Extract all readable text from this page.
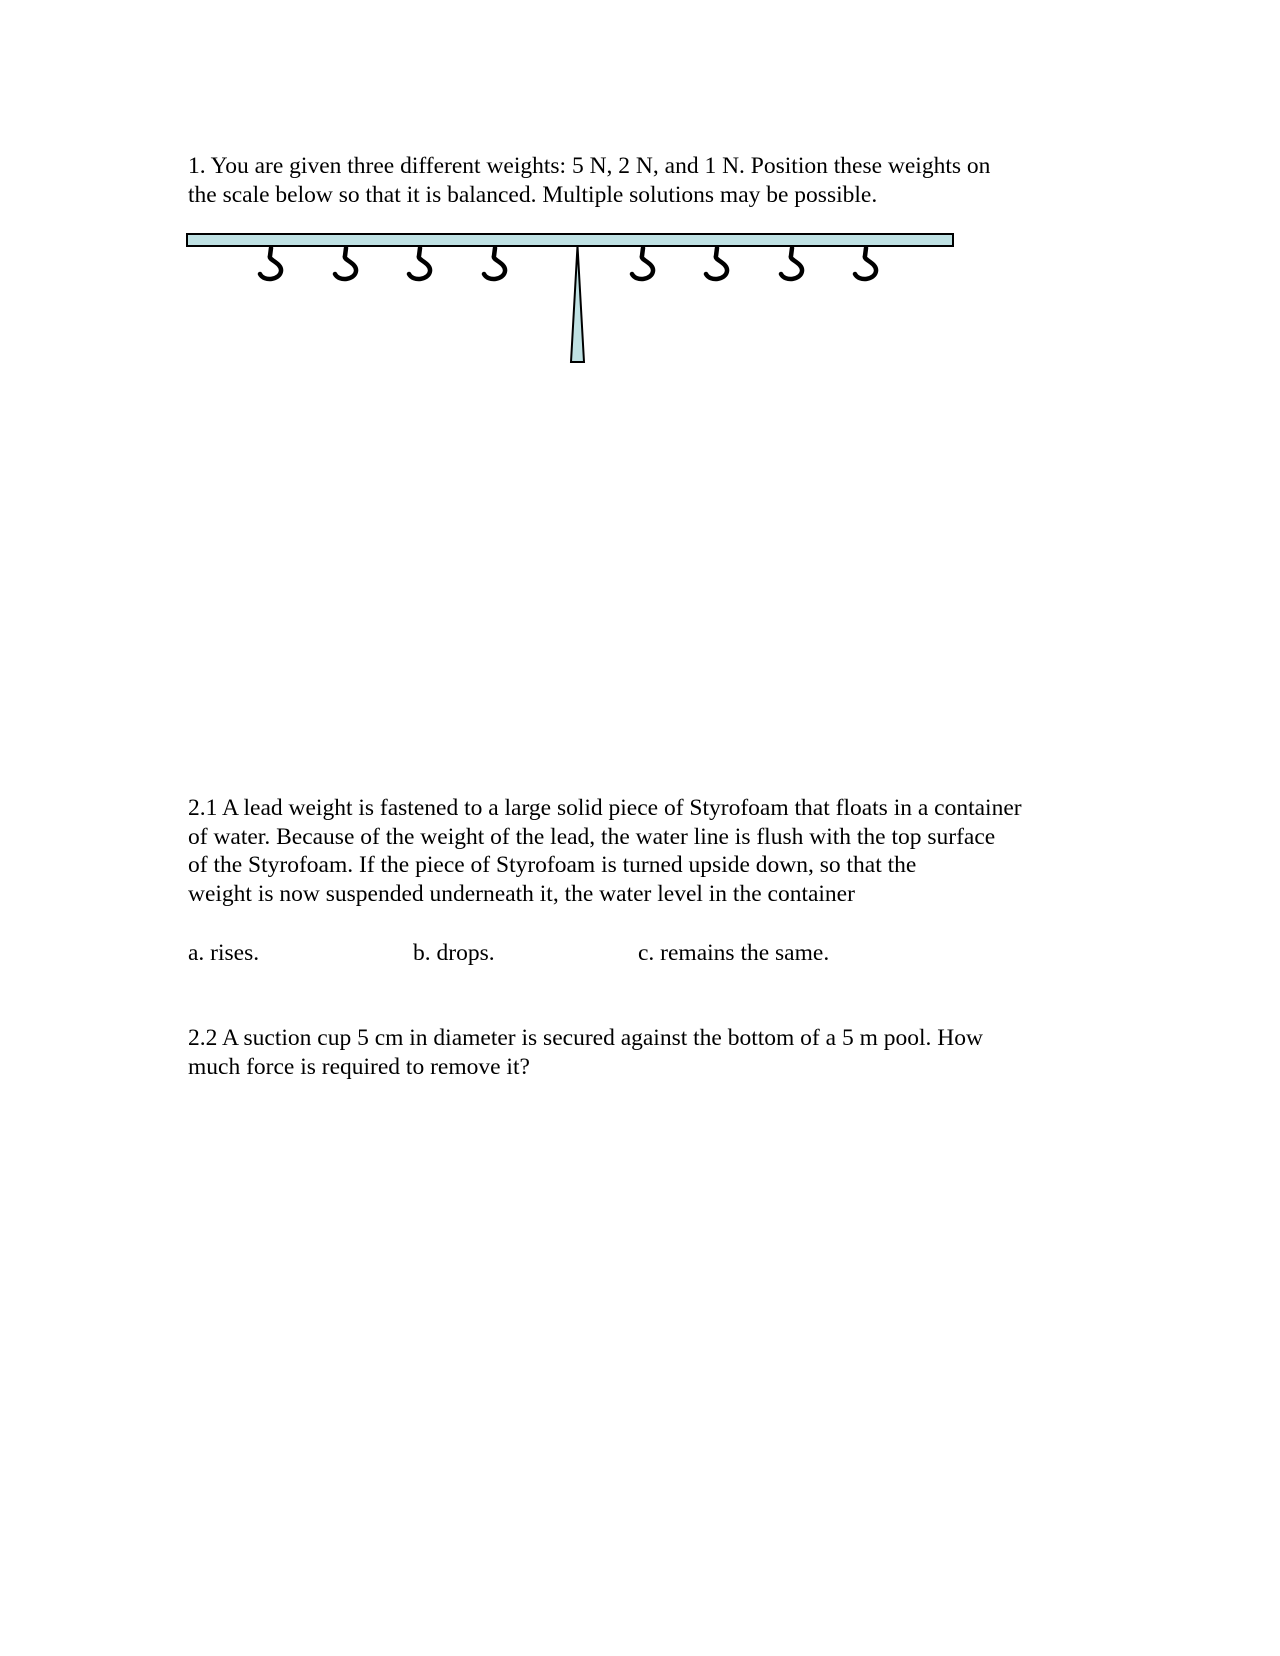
1. You are given three different weights: 5 N, 2 N, and 1 N. Position these weights on
the scale below so that it is balanced. Multiple solutions may be possible.

2.1 A lead weight is fastened to a large solid piece of Styrofoam that floats in a container
of water. Because of the weight of the lead, the water line is flush with the top surface
of the Styrofoam. If the piece of Styrofoam is turned upside down, so that the
weight is now suspended underneath it, the water level in the container

a. rises.	b. drops.	c. remains the same.

2.2 A suction cup 5 cm in diameter is secured against the bottom of a 5 m pool. How
much force is required to remove it?
